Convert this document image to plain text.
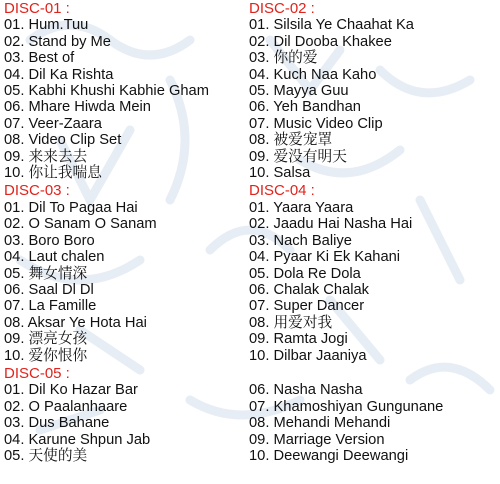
DISC-01 :
01. Hum.Tuu
02. Stand by Me
03. Best of
04. Dil Ka Rishta
05. Kabhi Khushi Kabhie Gham
06. Mhare Hiwda Mein
07. Veer-Zaara
08. Video Clip Set
09. 来来去去
10. 你让我喘息
DISC-03 :
01. Dil To Pagaa Hai
02. O Sanam O Sanam
03. Boro Boro
04. Laut chalen
05. 舞女情深
06. Saal Dl Dl
07. La Famille
08. Aksar Ye Hota Hai
09. 漂亮女孩
10. 爱你恨你
DISC-05 :
01. Dil Ko Hazar Bar
02. O Paalanhaare
03. Dus Bahane
04. Karune Shpun Jab
05. 天使的美
DISC-02 :
01. Silsila Ye Chaahat Ka
02. Dil Dooba Khakee
03. 你的爱
04. Kuch Naa Kaho
05. Mayya Guu
06. Yeh Bandhan
07. Music Video Clip
08. 被爱宠罩
09. 爱没有明天
10. Salsa
DISC-04 :
01. Yaara Yaara
02. Jaadu Hai Nasha Hai
03. Nach Baliye
04. Pyaar Ki Ek Kahani
05. Dola Re Dola
06. Chalak Chalak
07. Super Dancer
08. 用爱对我
09. Ramta Jogi
10. Dilbar Jaaniya
06. Nasha Nasha
07. Khamoshiyan Gungunane
08. Mehandi Mehandi
09. Marriage Version
10. Deewangi Deewangi
